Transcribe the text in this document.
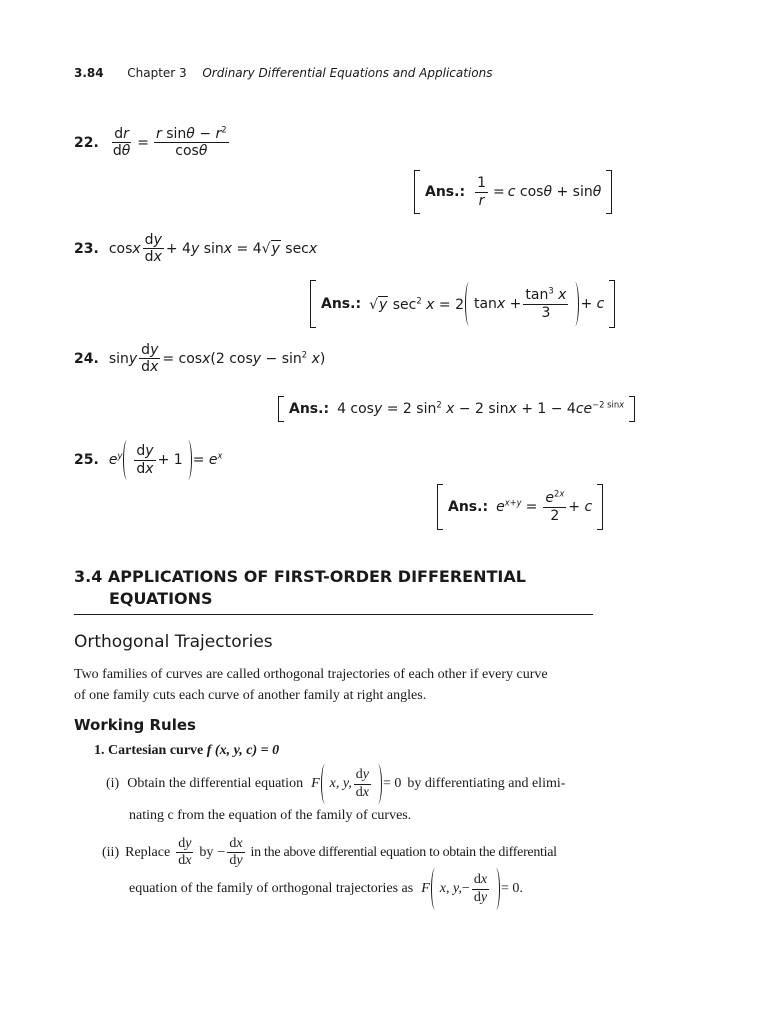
3.84 Chapter 3 Ordinary Differential Equations and Applications
22. $\frac{dr}{d\theta} = \frac{r \sin\theta - r^2}{\cos\theta}$
Ans.: $\frac{1}{r} = c$ cosθ + sinθ
23. cosx $\frac{dy}{dx} + 4y$ sinx = 4√y secx
Ans.: √y $\sec^2 x = 2$ $\tan x + \frac{\tan^3 x}{3} + c$
24. siny $\frac{dy}{dx} = \cos x(2$ $\cos y - \sin^2 x$)
Ans.: 4 cosy = 2 $\sin^2 x - 2$ $\sin x + 1 - 4ce^{-2 sinx}$
25. $e^y \frac{dy}{dx} + 1 = e^x$
Ans.: $e^{x+y} = \frac{e^{2x}}{2} + c$
3.4 APPLICATIONS OF FIRST-ORDER DIFFERENTIAL
EQUATIONS
Orthogonal Trajectories
Two families of curves are called orthogonal trajectories of each other if every curve
of one family cuts each curve of another family at right angles.
Working Rules
1. Cartesian curve f (x, y, c) = 0
(i) Obtain the differential equation F x, y, $\frac{dy}{dx} = 0$ by differentiating and elimi-
nating c from the equation of the family of curves.
(ii) Replace $\frac{dy}{dx}$ by − $\frac{dx}{dy}$ in the above differential equation to obtain the differential
equation of the family of orthogonal trajectories as F x, y, − $\frac{dx}{dy} = 0$.
